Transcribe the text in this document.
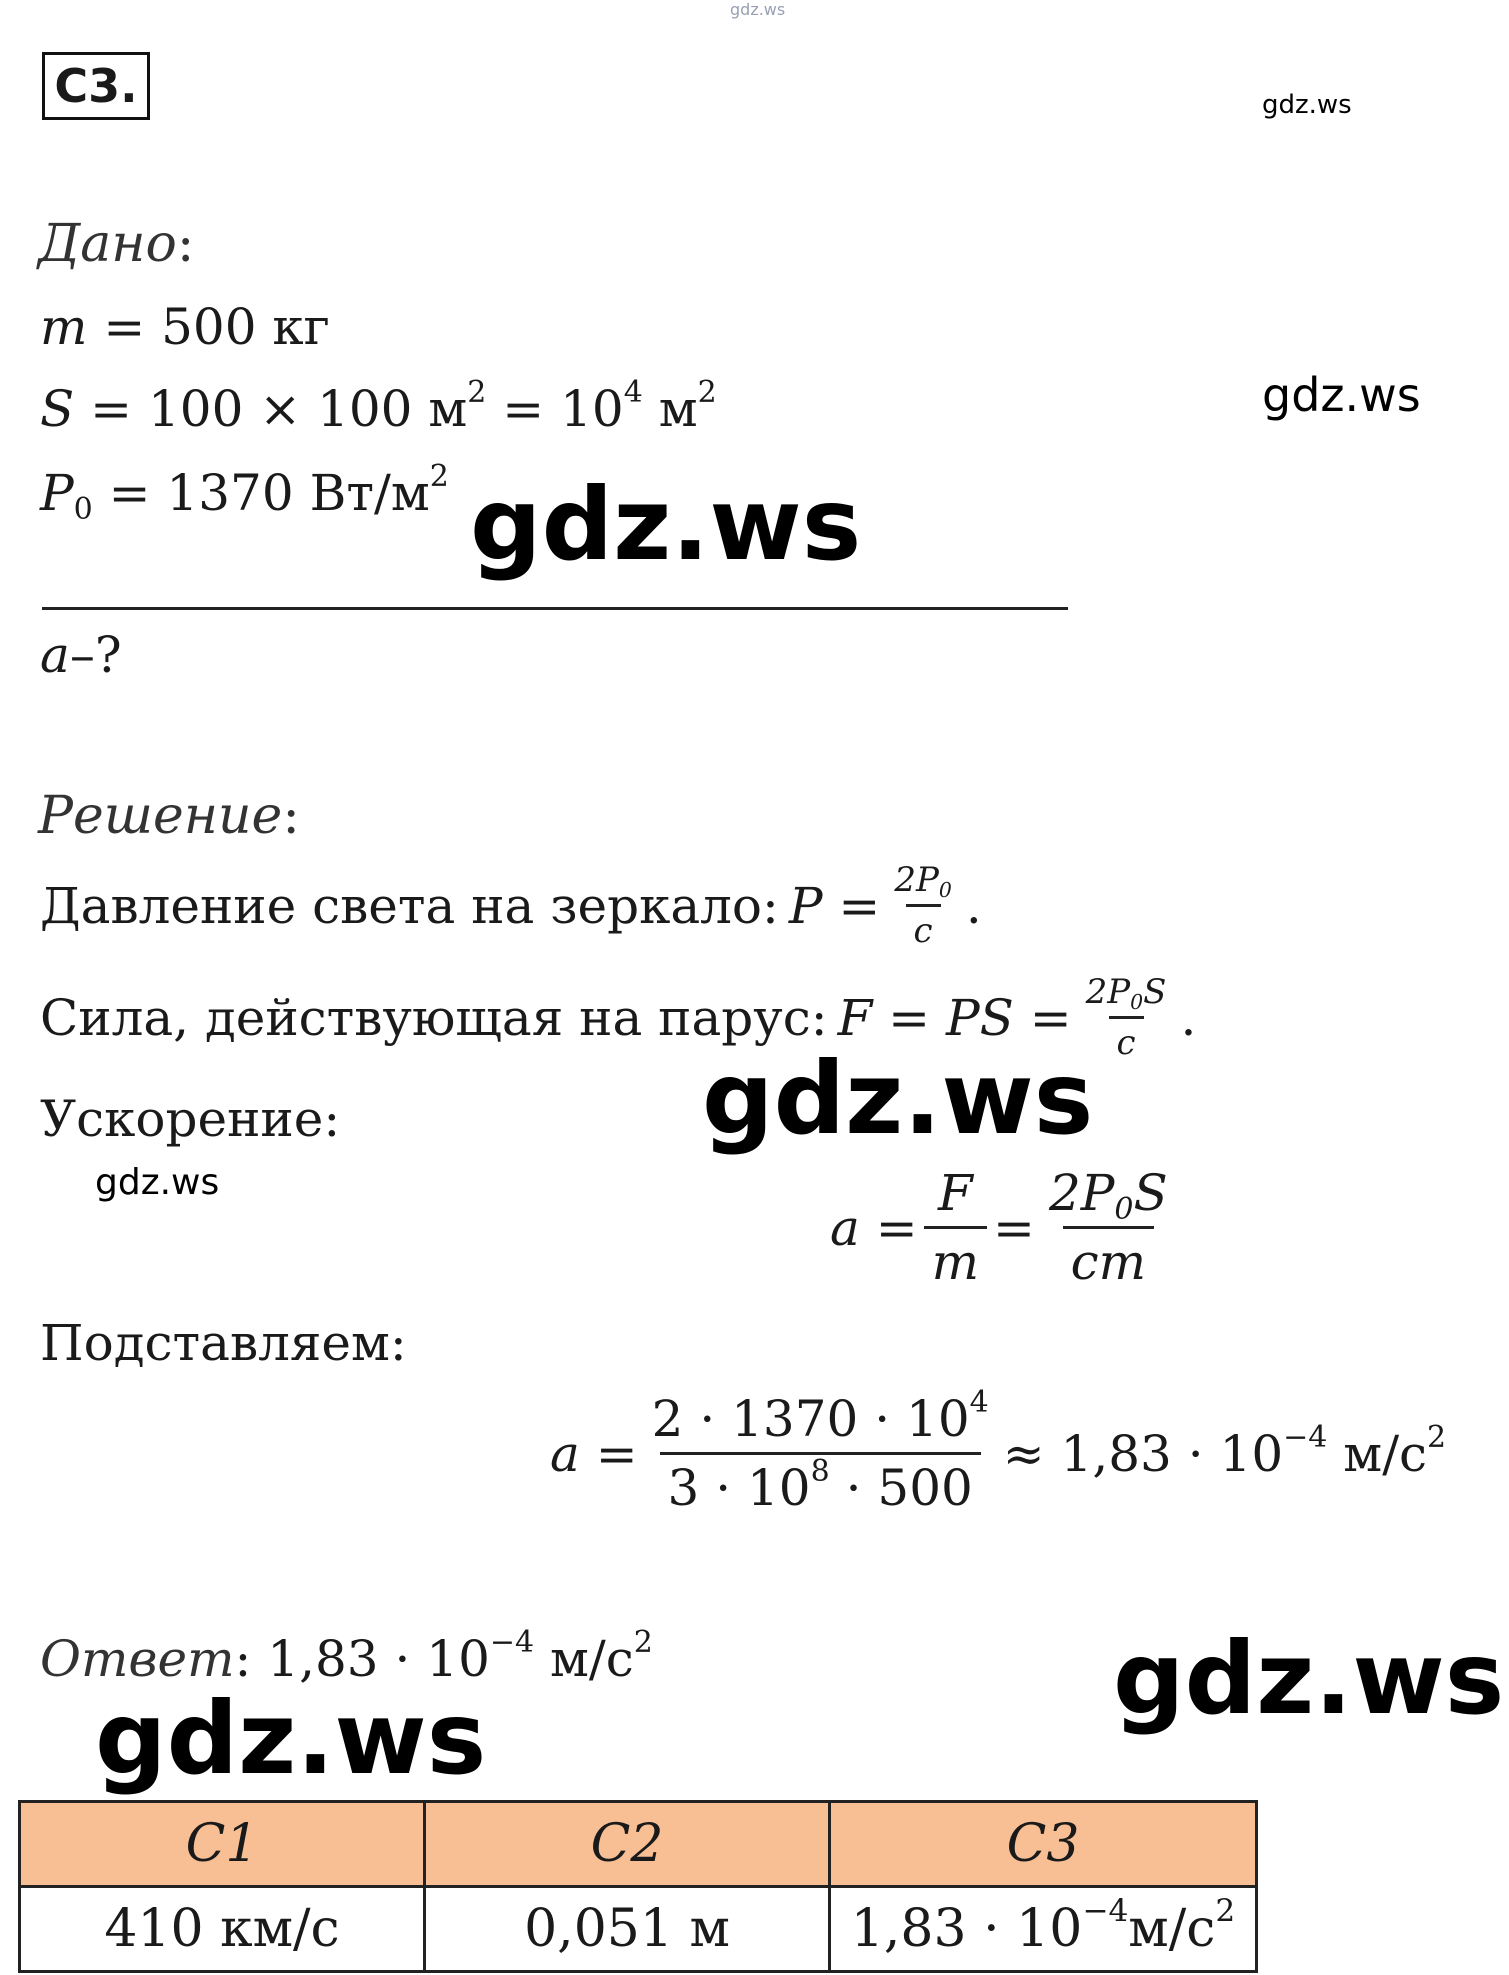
gdz.ws
gdz.ws
gdz.ws
gdz.ws
gdz.ws
gdz.ws
gdz.ws
gdz.ws
C3.
Дано:
m = 500 кг
S = 100 × 100 $м^2 = 10^4$ $м^2$
$P_0 = 1370$ $Вт/м^2$
a–?
Решение:
Давление света на зеркало: $P = \frac{2P_0}{c}$ .
Сила, действующая на парус: F = PS = $\frac{2P_0S}{c}$ .
Ускорение:
$a = \frac{F}{m} = \frac{2P_0S}{cm}$
Подставляем:
$a = \frac{2 \cdot 1370 \cdot 10^4}{3 \cdot 10^8 \cdot 500} \approx 1,83 \cdot 10^{-4}$ $м/с^2$
Ответ: $1,83 \cdot 10^{-4}$ $м/с^2$
C1	C2	C3
410 км/с	0,051 м	$1,83 \cdot 10^{-4}м/с^2$
